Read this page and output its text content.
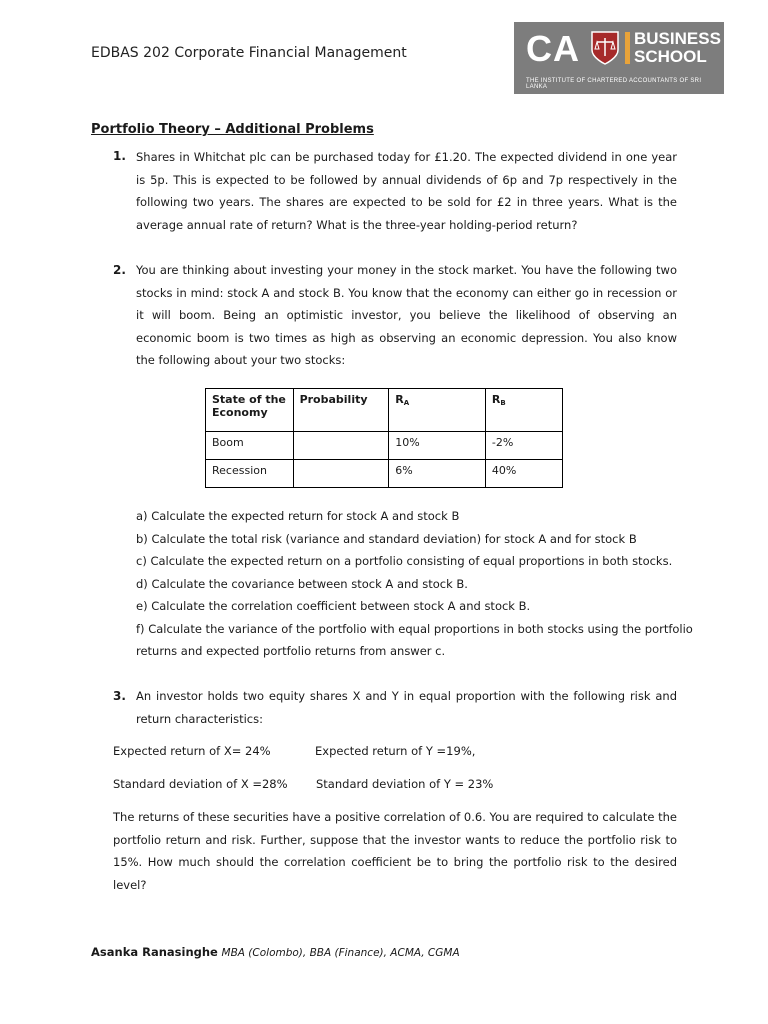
EDBAS 202 Corporate Financial Management	CA	BUSINESS
SCHOOL
THE INSTITUTE OF CHARTERED ACCOUNTANTS OF SRI LANKA
Portfolio Theory – Additional Problems
1. Shares in Whitchat plc can be purchased today for £1.20. The expected dividend in one year is 5p. This is expected to be followed by annual dividends of 6p and 7p respectively in the following two years. The shares are expected to be sold for £2 in three years. What is the average annual rate of return? What is the three-year holding-period return?
2. You are thinking about investing your money in the stock market. You have the following two stocks in mind: stock A and stock B. You know that the economy can either go in recession or it will boom. Being an optimistic investor, you believe the likelihood of observing an economic boom is two times as high as observing an economic depression. You also know the following about your two stocks:
State of the Economy	Probability	$R_A$	$R_B$
Boom		10%	-2%
Recession		6%	40%
a) Calculate the expected return for stock A and stock B
b) Calculate the total risk (variance and standard deviation) for stock A and for stock B
c) Calculate the expected return on a portfolio consisting of equal proportions in both stocks.
d) Calculate the covariance between stock A and stock B.
e) Calculate the correlation coefficient between stock A and stock B.
f) Calculate the variance of the portfolio with equal proportions in both stocks using the portfolio
returns and expected portfolio returns from answer c.
3. An investor holds two equity shares X and Y in equal proportion with the following risk and return characteristics:
Expected return of X= 24%	Expected return of Y =19%,
Standard deviation of X =28% Standard deviation of Y = 23%
The returns of these securities have a positive correlation of 0.6. You are required to calculate the portfolio return and risk. Further, suppose that the investor wants to reduce the portfolio risk to 15%. How much should the correlation coefficient be to bring the portfolio risk to the desired level?
Asanka Ranasinghe MBA (Colombo), BBA (Finance), ACMA, CGMA
